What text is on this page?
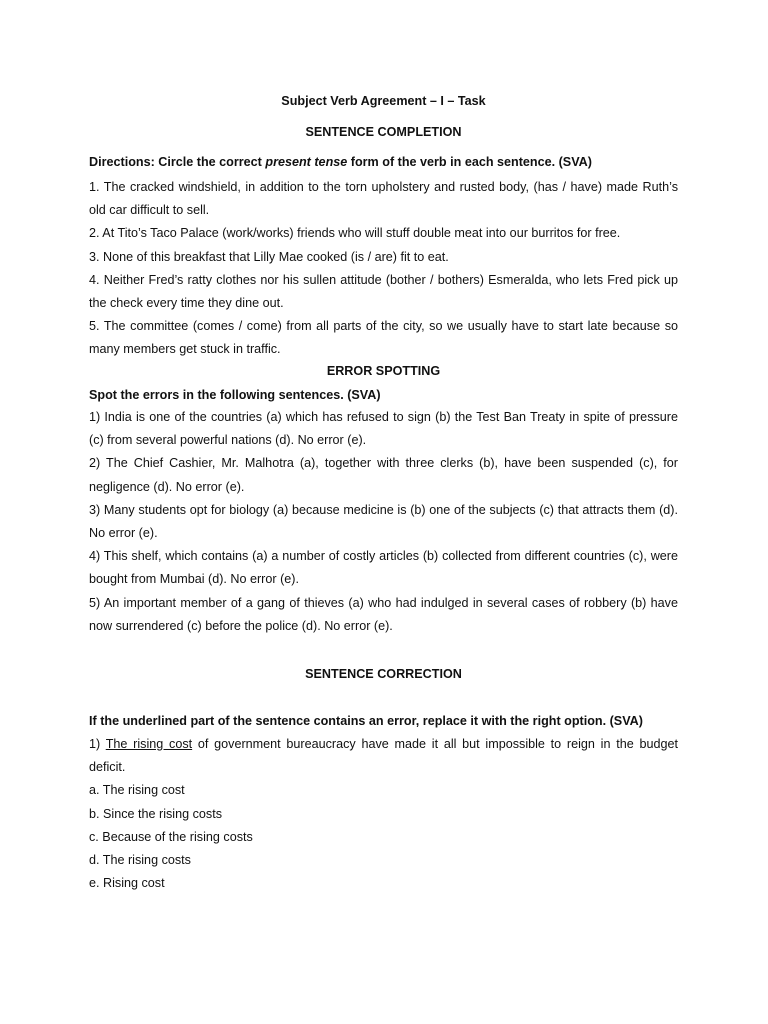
Subject Verb Agreement – I – Task
SENTENCE COMPLETION
Directions: Circle the correct present tense form of the verb in each sentence. (SVA)

1. The cracked windshield, in addition to the torn upholstery and rusted body, (has / have) made Ruth’s old car difficult to sell.

2. At Tito’s Taco Palace (work/works) friends who will stuff double meat into our burritos for free.

3. None of this breakfast that Lilly Mae cooked (is / are) fit to eat.

4. Neither Fred’s ratty clothes nor his sullen attitude (bother / bothers) Esmeralda, who lets Fred pick up the check every time they dine out.

5. The committee (comes / come) from all parts of the city, so we usually have to start late because so many members get stuck in traffic.

ERROR SPOTTING
Spot the errors in the following sentences. (SVA)

1) India is one of the countries (a) which has refused to sign (b) the Test Ban Treaty in spite of pressure (c) from several powerful nations (d). No error (e).

2) The Chief Cashier, Mr. Malhotra (a), together with three clerks (b), have been suspended (c), for negligence (d). No error (e).

3) Many students opt for biology (a) because medicine is (b) one of the subjects (c) that attracts them (d). No error (e).

4) This shelf, which contains (a) a number of costly articles (b) collected from different countries (c), were bought from Mumbai (d). No error (e).

5) An important member of a gang of thieves (a) who had indulged in several cases of robbery (b) have now surrendered (c) before the police (d). No error (e).

SENTENCE CORRECTION
If the underlined part of the sentence contains an error, replace it with the right option. (SVA)

1) The rising cost of government bureaucracy have made it all but impossible to reign in the budget deficit.

a. The rising cost

b. Since the rising costs

c. Because of the rising costs

d. The rising costs

e. Rising cost
